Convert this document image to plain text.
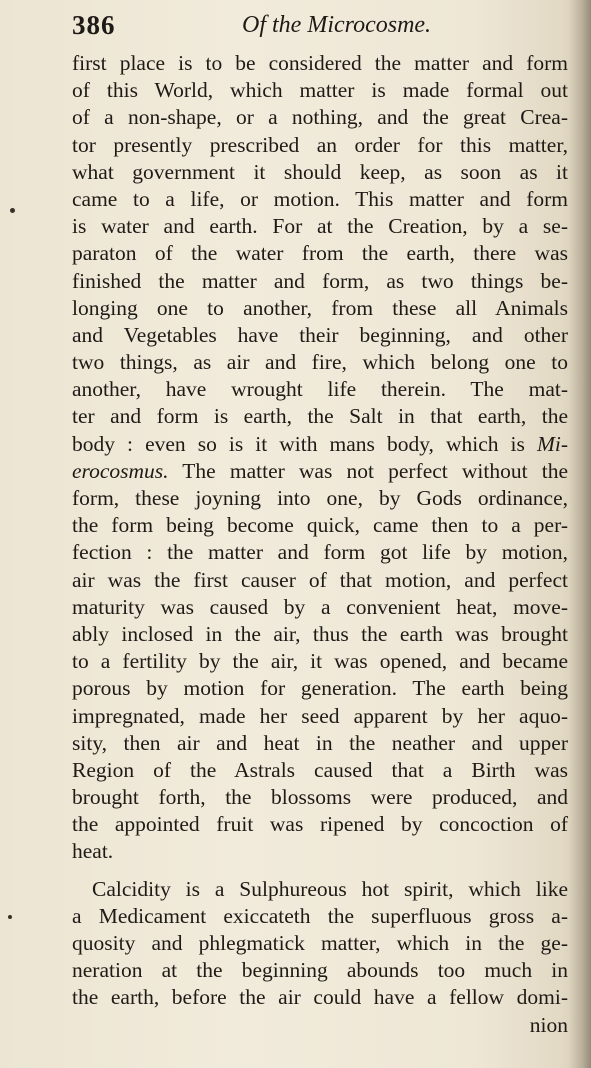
386	Of the Microcosme.
first place is to be considered the matter and form
of this World, which matter is made formal out
of a non-shape, or a nothing, and the great Crea-
tor presently prescribed an order for this matter,
what government it should keep, as soon as it
came to a life, or motion. This matter and form
is water and earth. For at the Creation, by a se-
paraton of the water from the earth, there was
finished the matter and form, as two things be-
longing one to another, from these all Animals
and Vegetables have their beginning, and other
two things, as air and fire, which belong one to
another, have wrought life therein. The mat-
ter and form is earth, the Salt in that earth, the
body : even so is it with mans body, which is Mi-
erocosmus. The matter was not perfect without the
form, these joyning into one, by Gods ordinance,
the form being become quick, came then to a per-
fection : the matter and form got life by motion,
air was the first causer of that motion, and perfect
maturity was caused by a convenient heat, move-
ably inclosed in the air, thus the earth was brought
to a fertility by the air, it was opened, and became
porous by motion for generation. The earth being
impregnated, made her seed apparent by her aquo-
sity, then air and heat in the neather and upper
Region of the Astrals caused that a Birth was
brought forth, the blossoms were produced, and
the appointed fruit was ripened by concoction of
heat.
Calcidity is a Sulphureous hot spirit, which like
a Medicament exiccateth the superfluous gross a-
quosity and phlegmatick matter, which in the ge-
neration at the beginning abounds too much in
the earth, before the air could have a fellow domi-
nion
